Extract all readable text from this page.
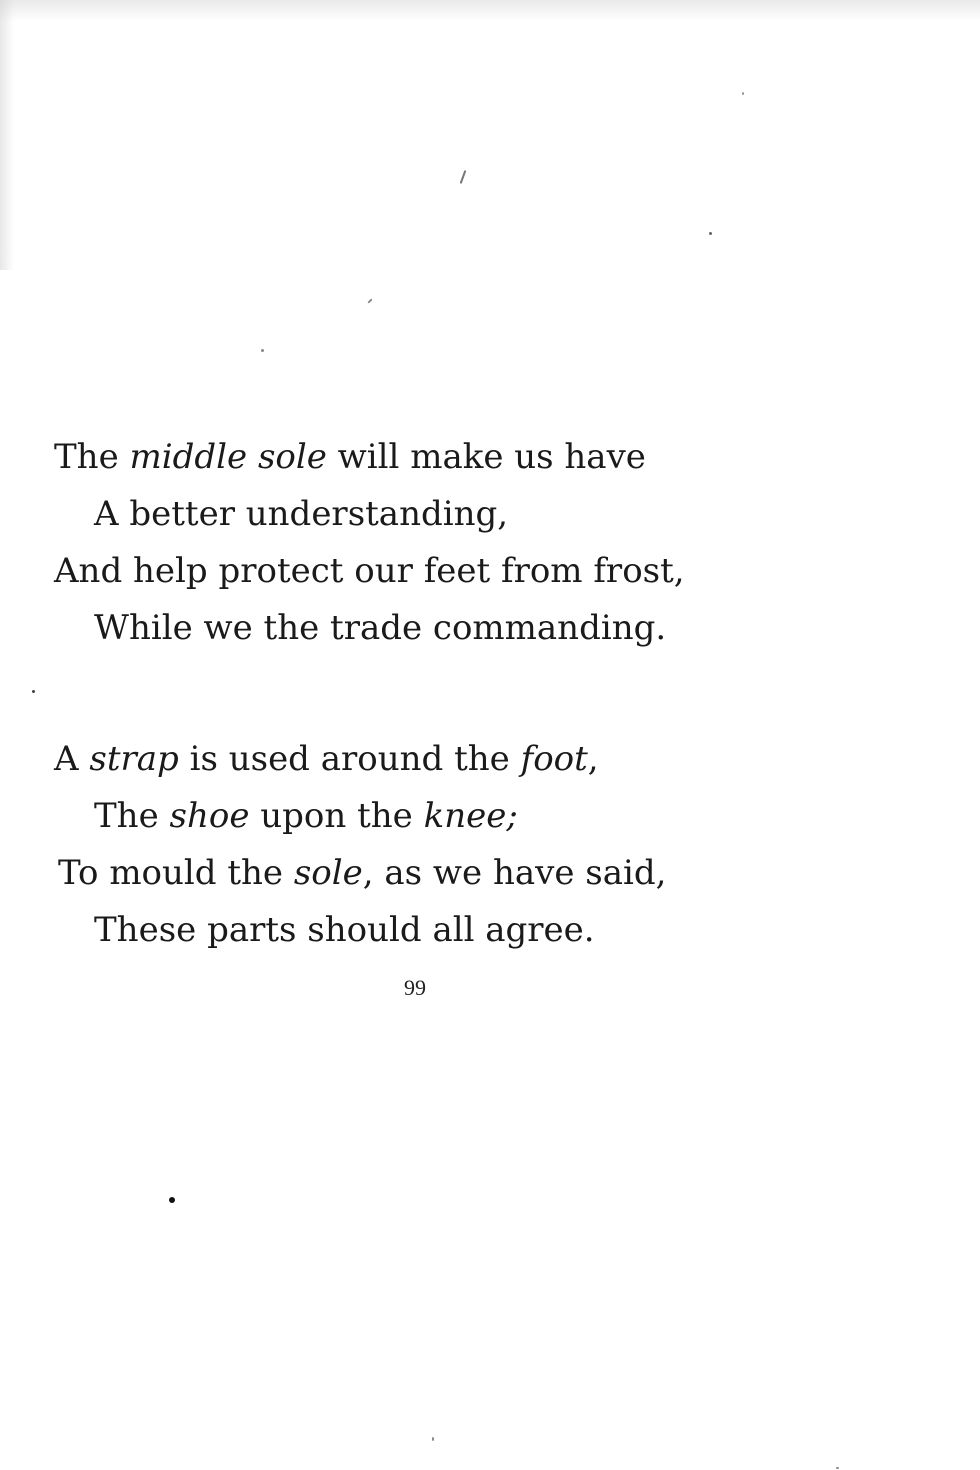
The middle sole will make us have
A better understanding,
And help protect our feet from frost,
While we the trade commanding.
A strap is used around the foot,
The shoe upon the knee;
To mould the sole, as we have said,
These parts should all agree.
99
